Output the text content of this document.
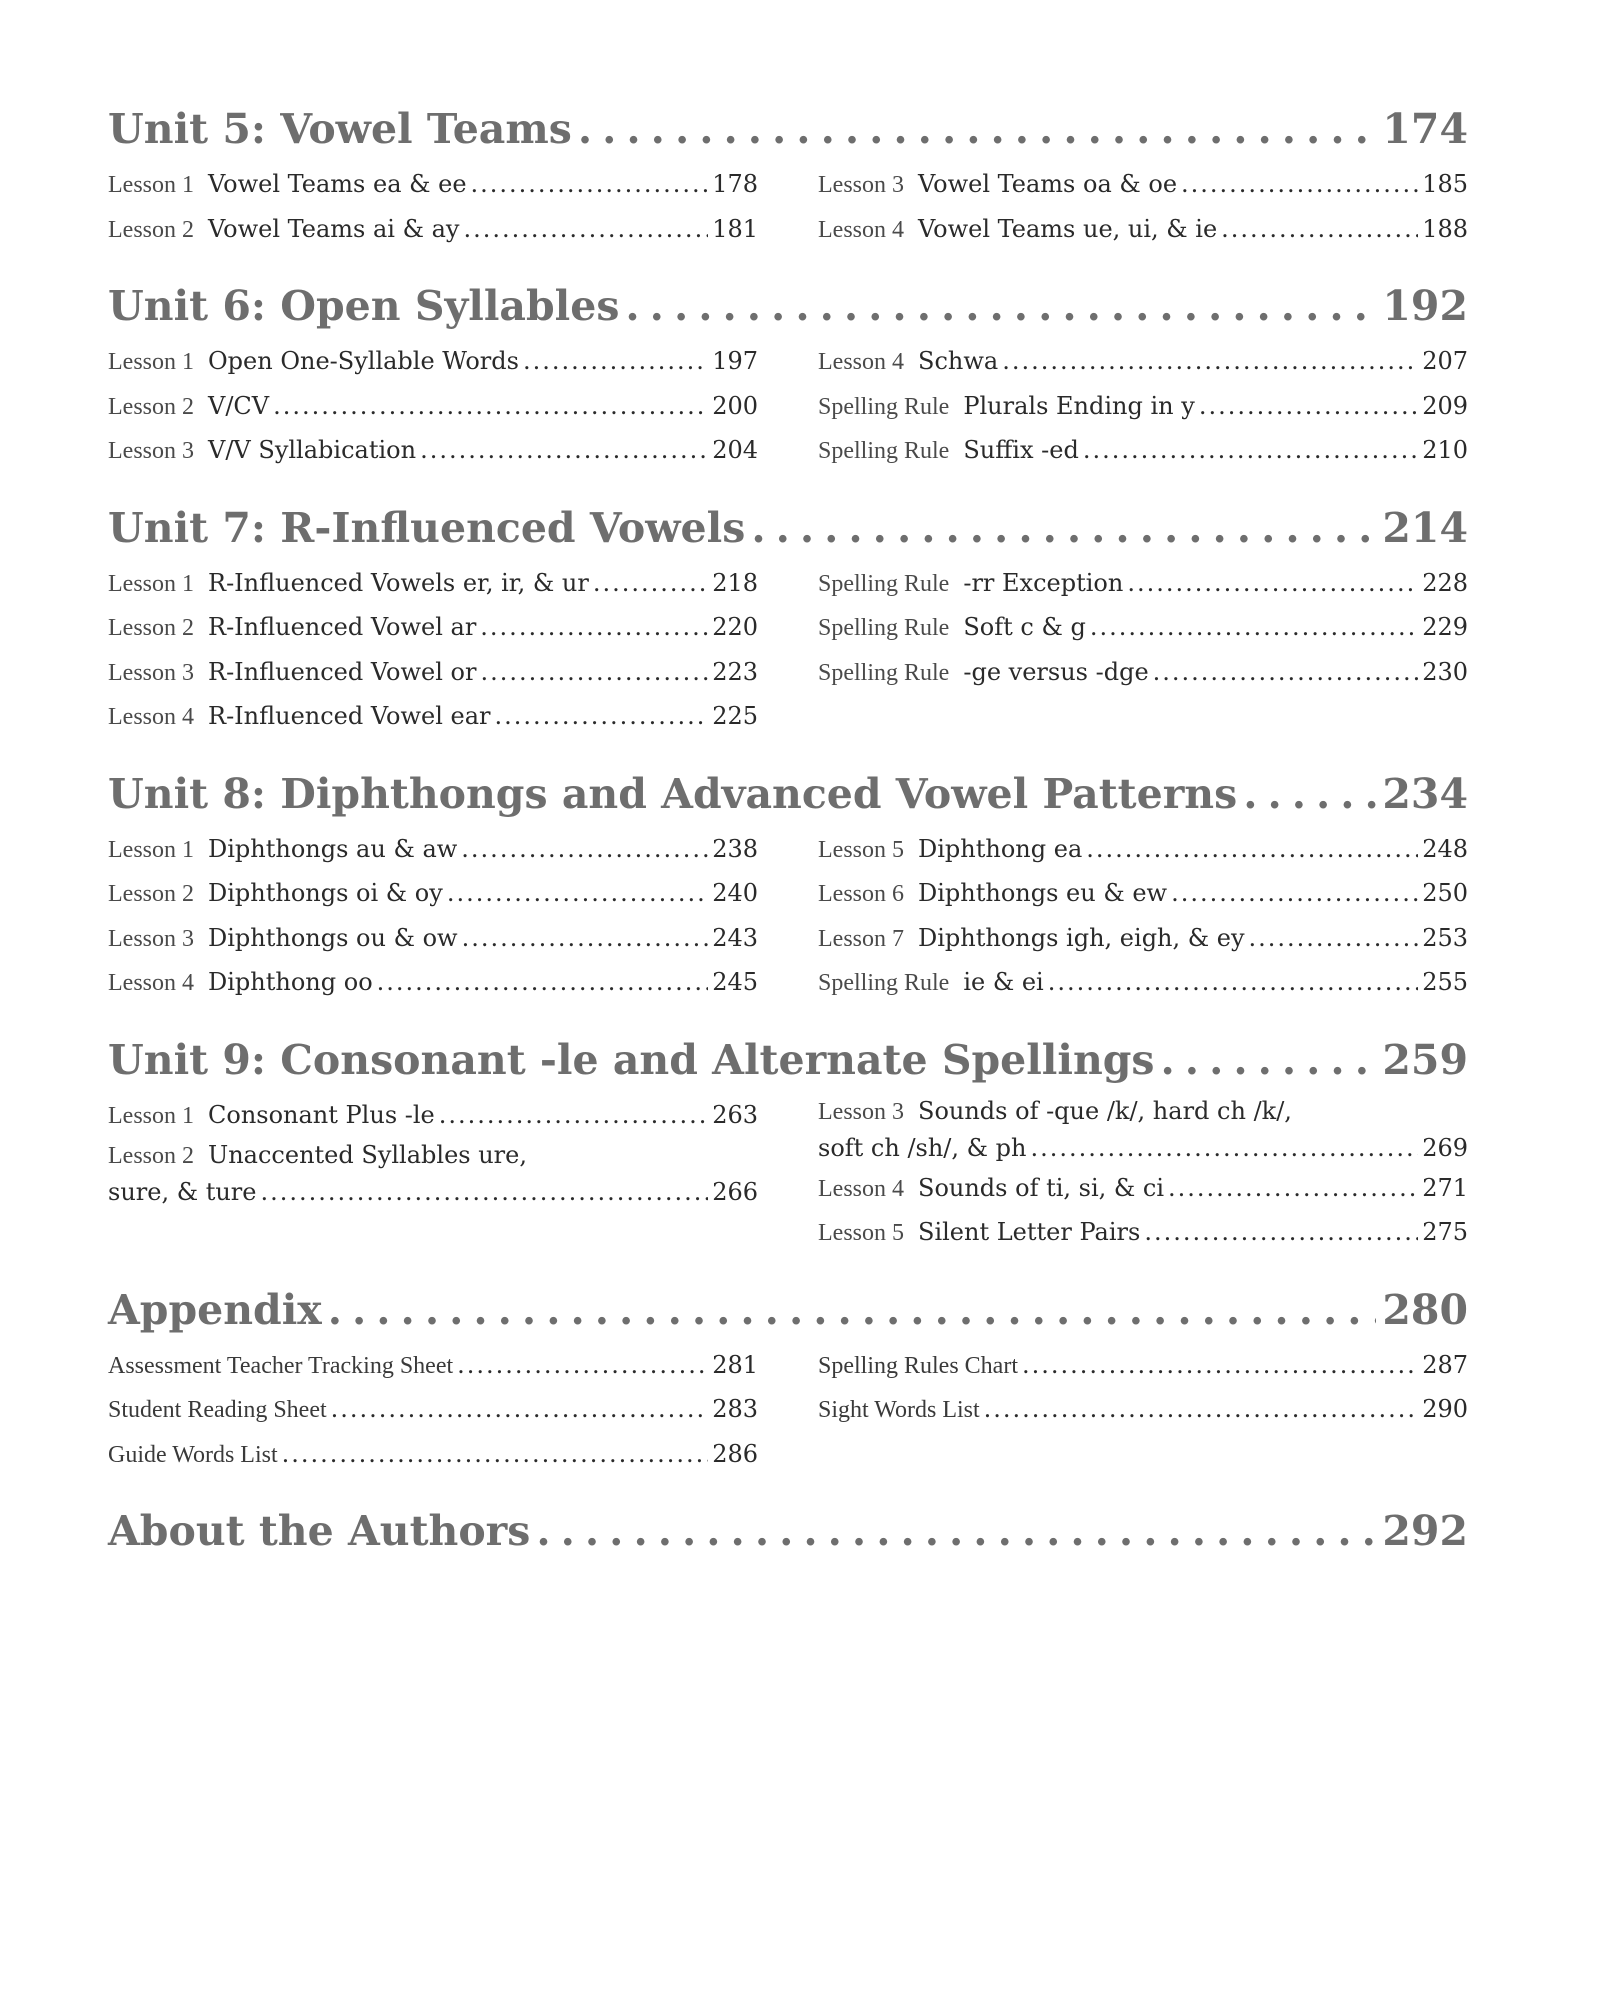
Unit 5: Vowel Teams .....	174
Lesson 1 Vowel Teams ea & ee .....	178
Lesson 2 Vowel Teams ai & ay .....	181
Lesson 3 Vowel Teams oa & oe .....	185
Lesson 4 Vowel Teams ue, ui, & ie .....	188
Unit 6: Open Syllables .....	192
Lesson 1 Open One-Syllable Words .....	197
Lesson 2 V/CV .....	200
Lesson 3 V/V Syllabication .....	204
Lesson 4 Schwa .....	207
Spelling Rule Plurals Ending in y .....	209
Spelling Rule Suffix -ed .....	210
Unit 7: R-Influenced Vowels .....	214
Lesson 1 R-Influenced Vowels er, ir, & ur .....	218
Lesson 2 R-Influenced Vowel ar .....	220
Lesson 3 R-Influenced Vowel or .....	223
Lesson 4 R-Influenced Vowel ear .....	225
Spelling Rule -rr Exception .....	228
Spelling Rule Soft c & g .....	229
Spelling Rule -ge versus -dge .....	230
Unit 8: Diphthongs and Advanced Vowel Patterns .....	234
Lesson 1 Diphthongs au & aw .....	238
Lesson 2 Diphthongs oi & oy .....	240
Lesson 3 Diphthongs ou & ow .....	243
Lesson 4 Diphthong oo .....	245
Lesson 5 Diphthong ea .....	248
Lesson 6 Diphthongs eu & ew .....	250
Lesson 7 Diphthongs igh, eigh, & ey .....	253
Spelling Rule ie & ei .....	255
Unit 9: Consonant -le and Alternate Spellings .....	259
Lesson 1 Consonant Plus -le .....	263
Lesson 2 Unaccented Syllables ure,
sure, & ture .....	266
Lesson 3 Sounds of -que /k/, hard ch /k/,
soft ch /sh/, & ph .....	269
Lesson 4 Sounds of ti, si, & ci .....	271
Lesson 5 Silent Letter Pairs .....	275
Appendix .....	280
Assessment Teacher Tracking Sheet .....	281
Student Reading Sheet .....	283
Guide Words List .....	286
Spelling Rules Chart .....	287
Sight Words List .....	290
About the Authors .....	292
